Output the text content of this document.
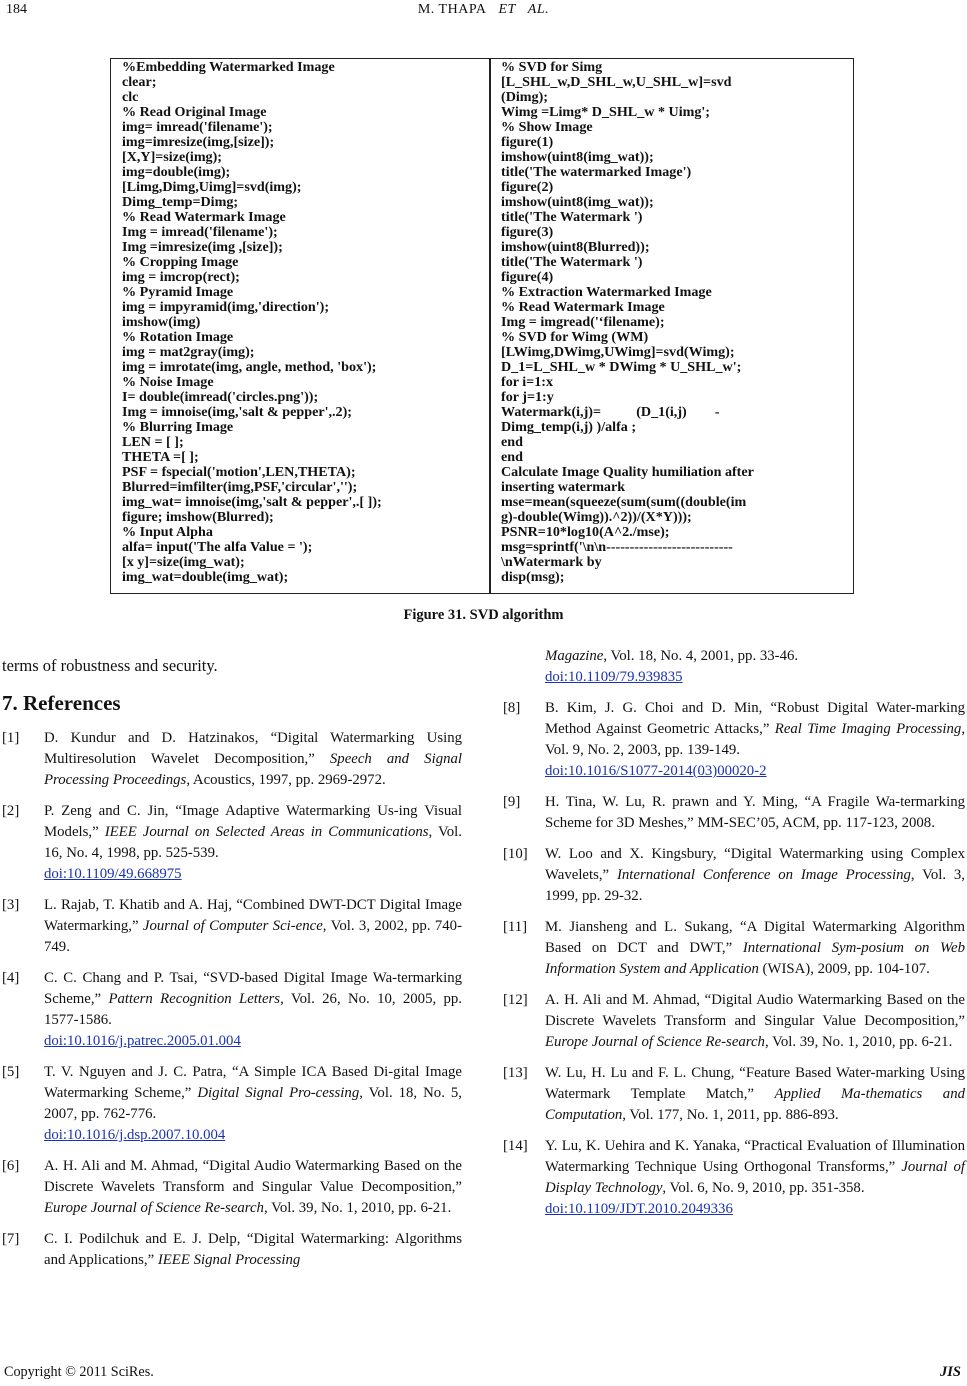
184	M. THAPA ET AL.
%Embedding Watermarked Image
clear;
clc
% Read Original Image
img= imread('filename');
img=imresize(img,[size]);
[X,Y]=size(img);
img=double(img);
[Limg,Dimg,Uimg]=svd(img);
Dimg_temp=Dimg;
% Read Watermark Image
Img = imread('filename');
Img =imresize(img ,[size]);
% Cropping Image
img = imcrop(rect);
% Pyramid Image
img = impyramid(img,'direction');
imshow(img)
% Rotation Image
img = mat2gray(img);
img = imrotate(img, angle, method, 'box');
% Noise Image
I= double(imread('circles.png'));
Img = imnoise(img,'salt & pepper',.2);
% Blurring Image
LEN = [ ];
THETA =[ ];
PSF = fspecial('motion',LEN,THETA);
Blurred=imfilter(img,PSF,'circular','');
img_wat= imnoise(img,'salt & pepper',.[ ]);
figure; imshow(Blurred);
% Input Alpha
alfa= input('The alfa Value = ');
[x y]=size(img_wat);
img_wat=double(img_wat);
% SVD for Simg
[L_SHL_w,D_SHL_w,U_SHL_w]=svd
(Dimg);
Wimg =Limg* D_SHL_w * Uimg';
% Show Image
figure(1)
imshow(uint8(img_wat));
title('The watermarked Image')
figure(2)
imshow(uint8(img_wat));
title('The Watermark ')
figure(3)
imshow(uint8(Blurred));
title('The Watermark ')
figure(4)
% Extraction Watermarked Image
% Read Watermark Image
Img = imgread('‘filename);
% SVD for Wimg (WM)
[LWimg,DWimg,UWimg]=svd(Wimg);
D_1=L_SHL_w * DWimg * U_SHL_w';
for i=1:x
for j=1:y
Watermark(i,j)=          (D_1(i,j)        -
Dimg_temp(i,j) )/alfa ;
end
end
Calculate Image Quality humiliation after
inserting watermark
mse=mean(squeeze(sum(sum((double(im
g)-double(Wimg)).^2))/(X*Y)));
PSNR=10*log10(A^2./mse);
msg=sprintf('\n\n---------------------------
\nWatermark by
disp(msg);
Figure 31. SVD algorithm
terms of robustness and security.
7. References
[1] D. Kundur and D. Hatzinakos, “Digital Watermarking Using Multiresolution Wavelet Decomposition,” Speech and Signal Processing Proceedings, Acoustics, 1997, pp. 2969-2972.
[2] P. Zeng and C. Jin, “Image Adaptive Watermarking Us-ing Visual Models,” IEEE Journal on Selected Areas in Communications, Vol. 16, No. 4, 1998, pp. 525-539.
doi:10.1109/49.668975
[3] L. Rajab, T. Khatib and A. Haj, “Combined DWT-DCT Digital Image Watermarking,” Journal of Computer Sci-ence, Vol. 3, 2002, pp. 740-749.
[4] C. C. Chang and P. Tsai, “SVD-based Digital Image Wa-termarking Scheme,” Pattern Recognition Letters, Vol. 26, No. 10, 2005, pp. 1577-1586.
doi:10.1016/j.patrec.2005.01.004
[5] T. V. Nguyen and J. C. Patra, “A Simple ICA Based Di-gital Image Watermarking Scheme,” Digital Signal Pro-cessing, Vol. 18, No. 5, 2007, pp. 762-776.
doi:10.1016/j.dsp.2007.10.004
[6] A. H. Ali and M. Ahmad, “Digital Audio Watermarking Based on the Discrete Wavelets Transform and Singular Value Decomposition,” Europe Journal of Science Re-search, Vol. 39, No. 1, 2010, pp. 6-21.
[7] C. I. Podilchuk and E. J. Delp, “Digital Watermarking: Algorithms and Applications,” IEEE Signal Processing
Magazine, Vol. 18, No. 4, 2001, pp. 33-46.
doi:10.1109/79.939835
[8] B. Kim, J. G. Choi and D. Min, “Robust Digital Water-marking Method Against Geometric Attacks,” Real Time Imaging Processing, Vol. 9, No. 2, 2003, pp. 139-149.
doi:10.1016/S1077-2014(03)00020-2
[9] H. Tina, W. Lu, R. prawn and Y. Ming, “A Fragile Wa-termarking Scheme for 3D Meshes,” MM-SEC’05, ACM, pp. 117-123, 2008.
[10] W. Loo and X. Kingsbury, “Digital Watermarking using Complex Wavelets,” International Conference on Image Processing, Vol. 3, 1999, pp. 29-32.
[11] M. Jiansheng and L. Sukang, “A Digital Watermarking Algorithm Based on DCT and DWT,” International Sym-posium on Web Information System and Application (WISA), 2009, pp. 104-107.
[12] A. H. Ali and M. Ahmad, “Digital Audio Watermarking Based on the Discrete Wavelets Transform and Singular Value Decomposition,” Europe Journal of Science Re-search, Vol. 39, No. 1, 2010, pp. 6-21.
[13] W. Lu, H. Lu and F. L. Chung, “Feature Based Water-marking Using Watermark Template Match,” Applied Ma-thematics and Computation, Vol. 177, No. 1, 2011, pp. 886-893.
[14] Y. Lu, K. Uehira and K. Yanaka, “Practical Evaluation of Illumination Watermarking Technique Using Orthogonal Transforms,” Journal of Display Technology, Vol. 6, No. 9, 2010, pp. 351-358.
doi:10.1109/JDT.2010.2049336
Copyright © 2011 SciRes.	JIS
